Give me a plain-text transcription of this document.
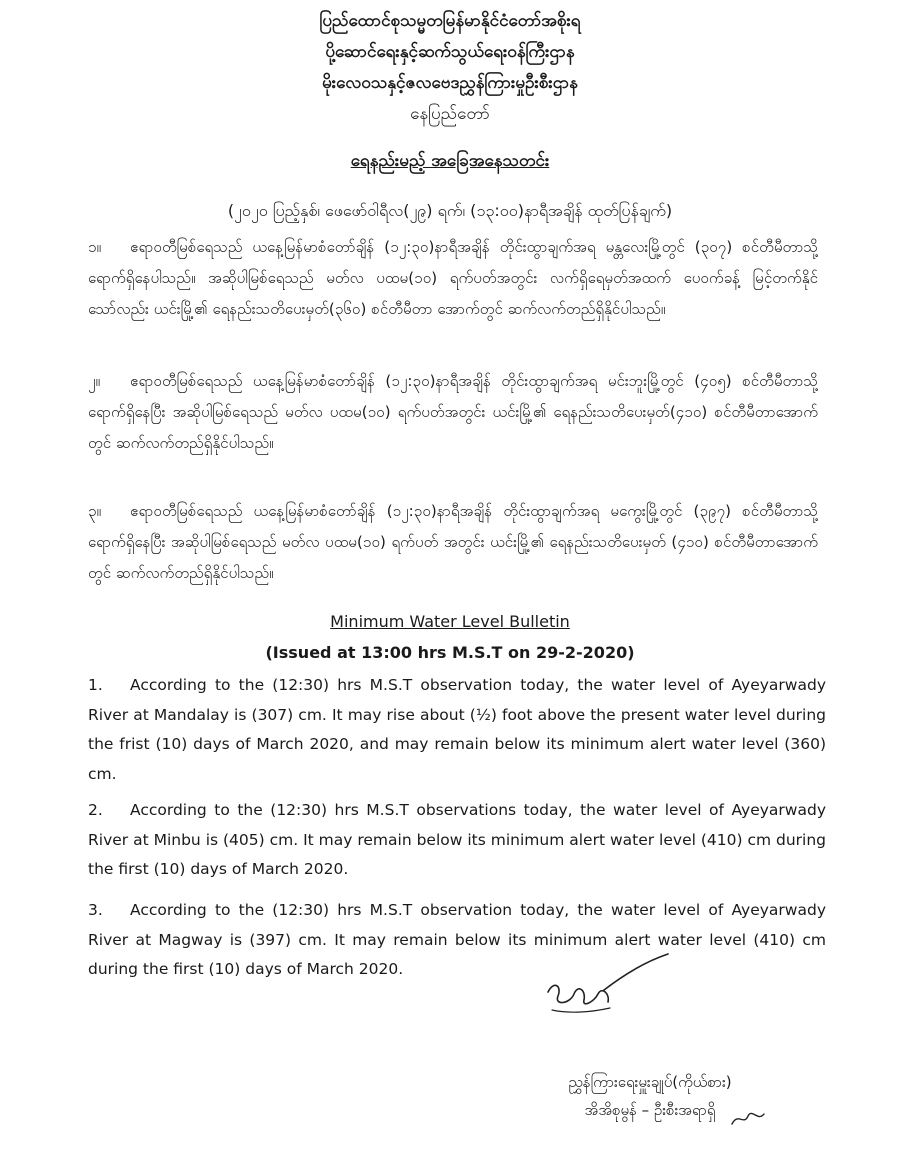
ပြည်ထောင်စုသမ္မတမြန်မာနိုင်ငံတော်အစိုးရ
ပို့ဆောင်ရေးနှင့်ဆက်သွယ်ရေးဝန်ကြီးဌာန
မိုးလေဝသနှင့်ဇလဗေဒညွှန်ကြားမှုဦးစီးဌာန
နေပြည်တော်
ရေနည်းမည့် အခြေအနေသတင်း
(၂၀၂၀ ပြည့်နှစ်၊ ဖေဖော်ဝါရီလ(၂၉) ရက်၊ (၁၃:၀၀)နာရီအချိန် ထုတ်ပြန်ချက်)
၁။ ဧရာဝတီမြစ်ရေသည် ယနေ့မြန်မာစံတော်ချိန် (၁၂:၃၀)နာရီအချိန် တိုင်းထွာချက်အရ မန္တလေးမြို့တွင် (၃၀၇) စင်တီမီတာသို့ ရောက်ရှိနေပါသည်။ အဆိုပါမြစ်ရေသည် မတ်လ ပထမ(၁၀) ရက်ပတ်အတွင်း လက်ရှိရေမှတ်အထက် ပေဝက်ခန့် မြင့်တက်နိုင်သော်လည်း ယင်းမြို့၏ ရေနည်းသတိပေးမှတ်(၃၆၀) စင်တီမီတာ အောက်တွင် ဆက်လက်တည်ရှိနိုင်ပါသည်။
၂။ ဧရာဝတီမြစ်ရေသည် ယနေ့မြန်မာစံတော်ချိန် (၁၂:၃၀)နာရီအချိန် တိုင်းထွာချက်အရ မင်းဘူးမြို့တွင် (၄၀၅) စင်တီမီတာသို့ ရောက်ရှိနေပြီး အဆိုပါမြစ်ရေသည် မတ်လ ပထမ(၁၀) ရက်ပတ်အတွင်း ယင်းမြို့၏ ရေနည်းသတိပေးမှတ်(၄၁၀) စင်တီမီတာအောက်တွင် ဆက်လက်တည်ရှိနိုင်ပါသည်။
၃။ ဧရာဝတီမြစ်ရေသည် ယနေ့မြန်မာစံတော်ချိန် (၁၂:၃၀)နာရီအချိန် တိုင်းထွာချက်အရ မကွေးမြို့တွင် (၃၉၇) စင်တီမီတာသို့ ရောက်ရှိနေပြီး အဆိုပါမြစ်ရေသည် မတ်လ ပထမ(၁၀) ရက်ပတ် အတွင်း ယင်းမြို့၏ ရေနည်းသတိပေးမှတ် (၄၁၀) စင်တီမီတာအောက်တွင် ဆက်လက်တည်ရှိနိုင်ပါသည်။
Minimum Water Level Bulletin
(Issued at 13:00 hrs M.S.T on 29-2-2020)
1. According to the (12:30) hrs M.S.T observation today, the water level of Ayeyarwady River at Mandalay is (307) cm. It may rise about (½) foot above the present water level during the frist (10) days of March 2020, and may remain below its minimum alert water level (360) cm.
2. According to the (12:30) hrs M.S.T observations today, the water level of Ayeyarwady River at Minbu is (405) cm. It may remain below its minimum alert water level (410) cm during the first (10) days of March 2020.
3. According to the (12:30) hrs M.S.T observation today, the water level of Ayeyarwady River at Magway is (397) cm. It may remain below its minimum alert water level (410) cm during the first (10) days of March 2020.
ညွှန်ကြားရေးမှူးချုပ်(ကိုယ်စား)
အိအိစုမွန် – ဦးစီးအရာရှိ
